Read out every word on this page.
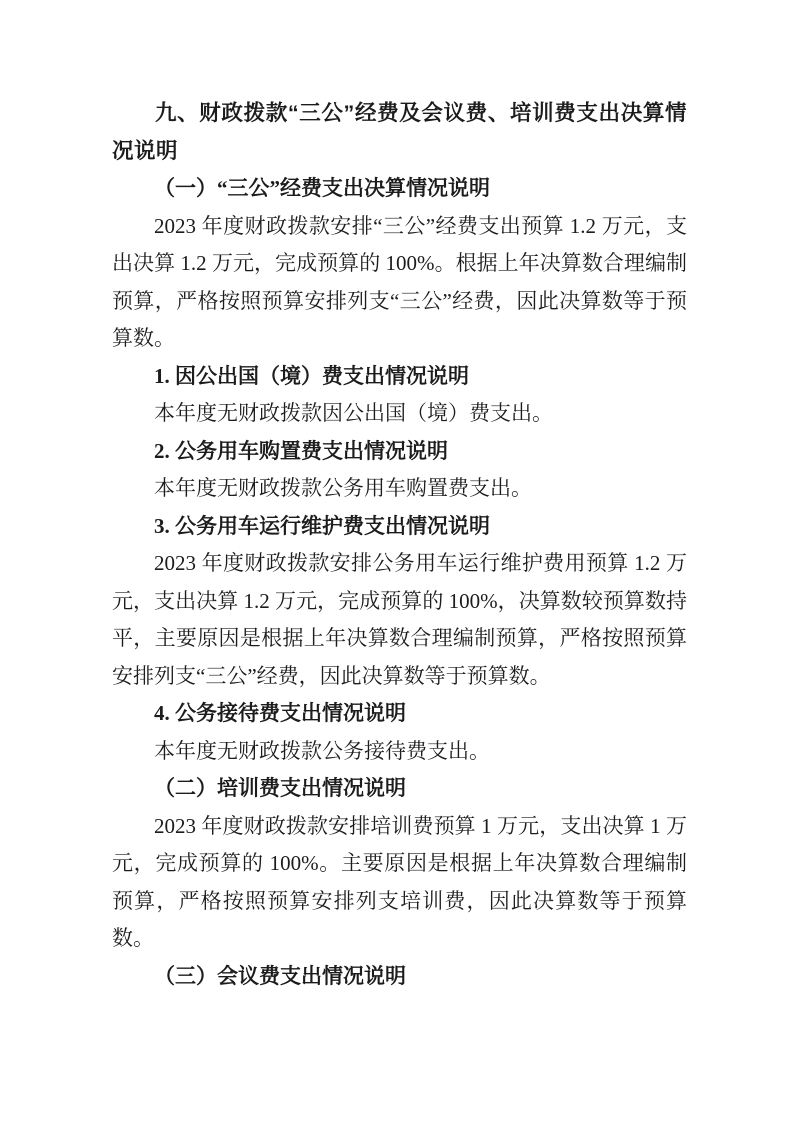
九、财政拨款“三公”经费及会议费、培训费支出决算情况说明
（一）“三公”经费支出决算情况说明

2023 年度财政拨款安排“三公”经费支出预算 1.2 万元，支出决算 1.2 万元，完成预算的 100%。根据上年决算数合理编制预算，严格按照预算安排列支“三公”经费，因此决算数等于预算数。

1. 因公出国（境）费支出情况说明

本年度无财政拨款因公出国（境）费支出。

2. 公务用车购置费支出情况说明

本年度无财政拨款公务用车购置费支出。

3. 公务用车运行维护费支出情况说明

2023 年度财政拨款安排公务用车运行维护费用预算 1.2 万元，支出决算 1.2 万元，完成预算的 100%，决算数较预算数持平，主要原因是根据上年决算数合理编制预算，严格按照预算安排列支“三公”经费，因此决算数等于预算数。

4. 公务接待费支出情况说明

本年度无财政拨款公务接待费支出。

（二）培训费支出情况说明

2023 年度财政拨款安排培训费预算 1 万元，支出决算 1 万元，完成预算的 100%。主要原因是根据上年决算数合理编制预算，严格按照预算安排列支培训费，因此决算数等于预算数。

（三）会议费支出情况说明
